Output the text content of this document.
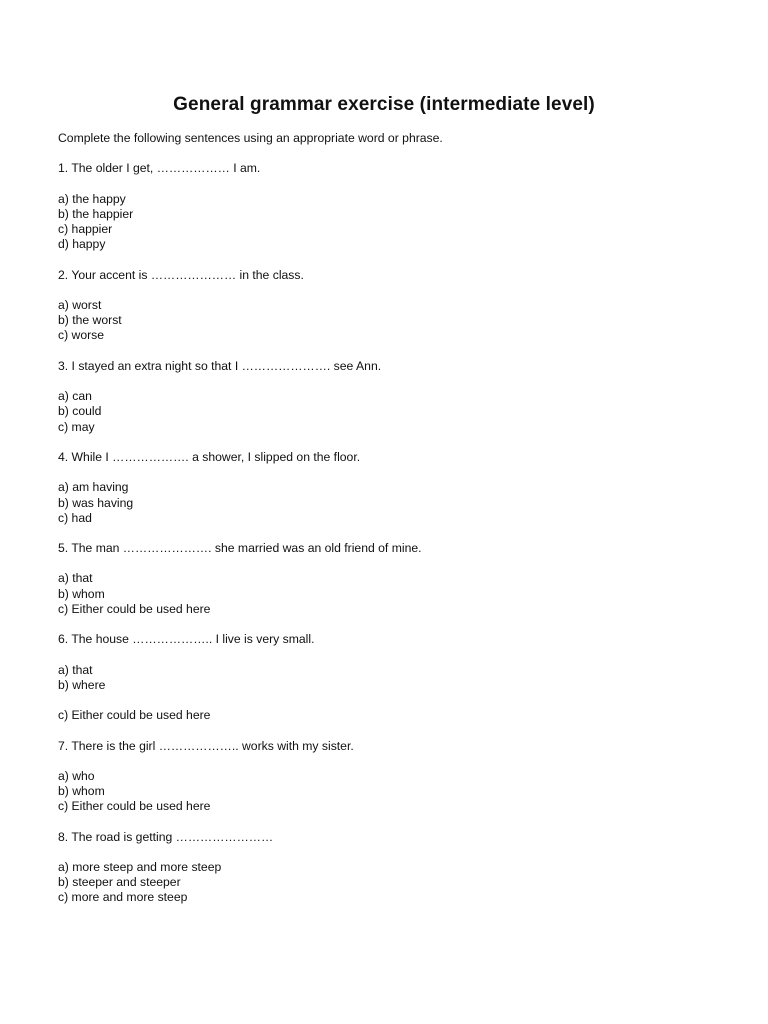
General grammar exercise (intermediate level)
Complete the following sentences using an appropriate word or phrase.
1. The older I get, ……………… I am.
a) the happy
b) the happier
c) happier
d) happy
2. Your accent is ………………… in the class.
a) worst
b) the worst
c) worse
3. I stayed an extra night so that I …………………. see Ann.
a) can
b) could
c) may
4. While I ………………. a shower, I slipped on the floor.
a) am having
b) was having
c) had
5. The man …………………. she married was an old friend of mine.
a) that
b) whom
c) Either could be used here
6. The house ……………….. I live is very small.
a) that
b) where
c) Either could be used here
7. There is the girl ……………….. works with my sister.
a) who
b) whom
c) Either could be used here
8. The road is getting ……………………
a) more steep and more steep
b) steeper and steeper
c) more and more steep
